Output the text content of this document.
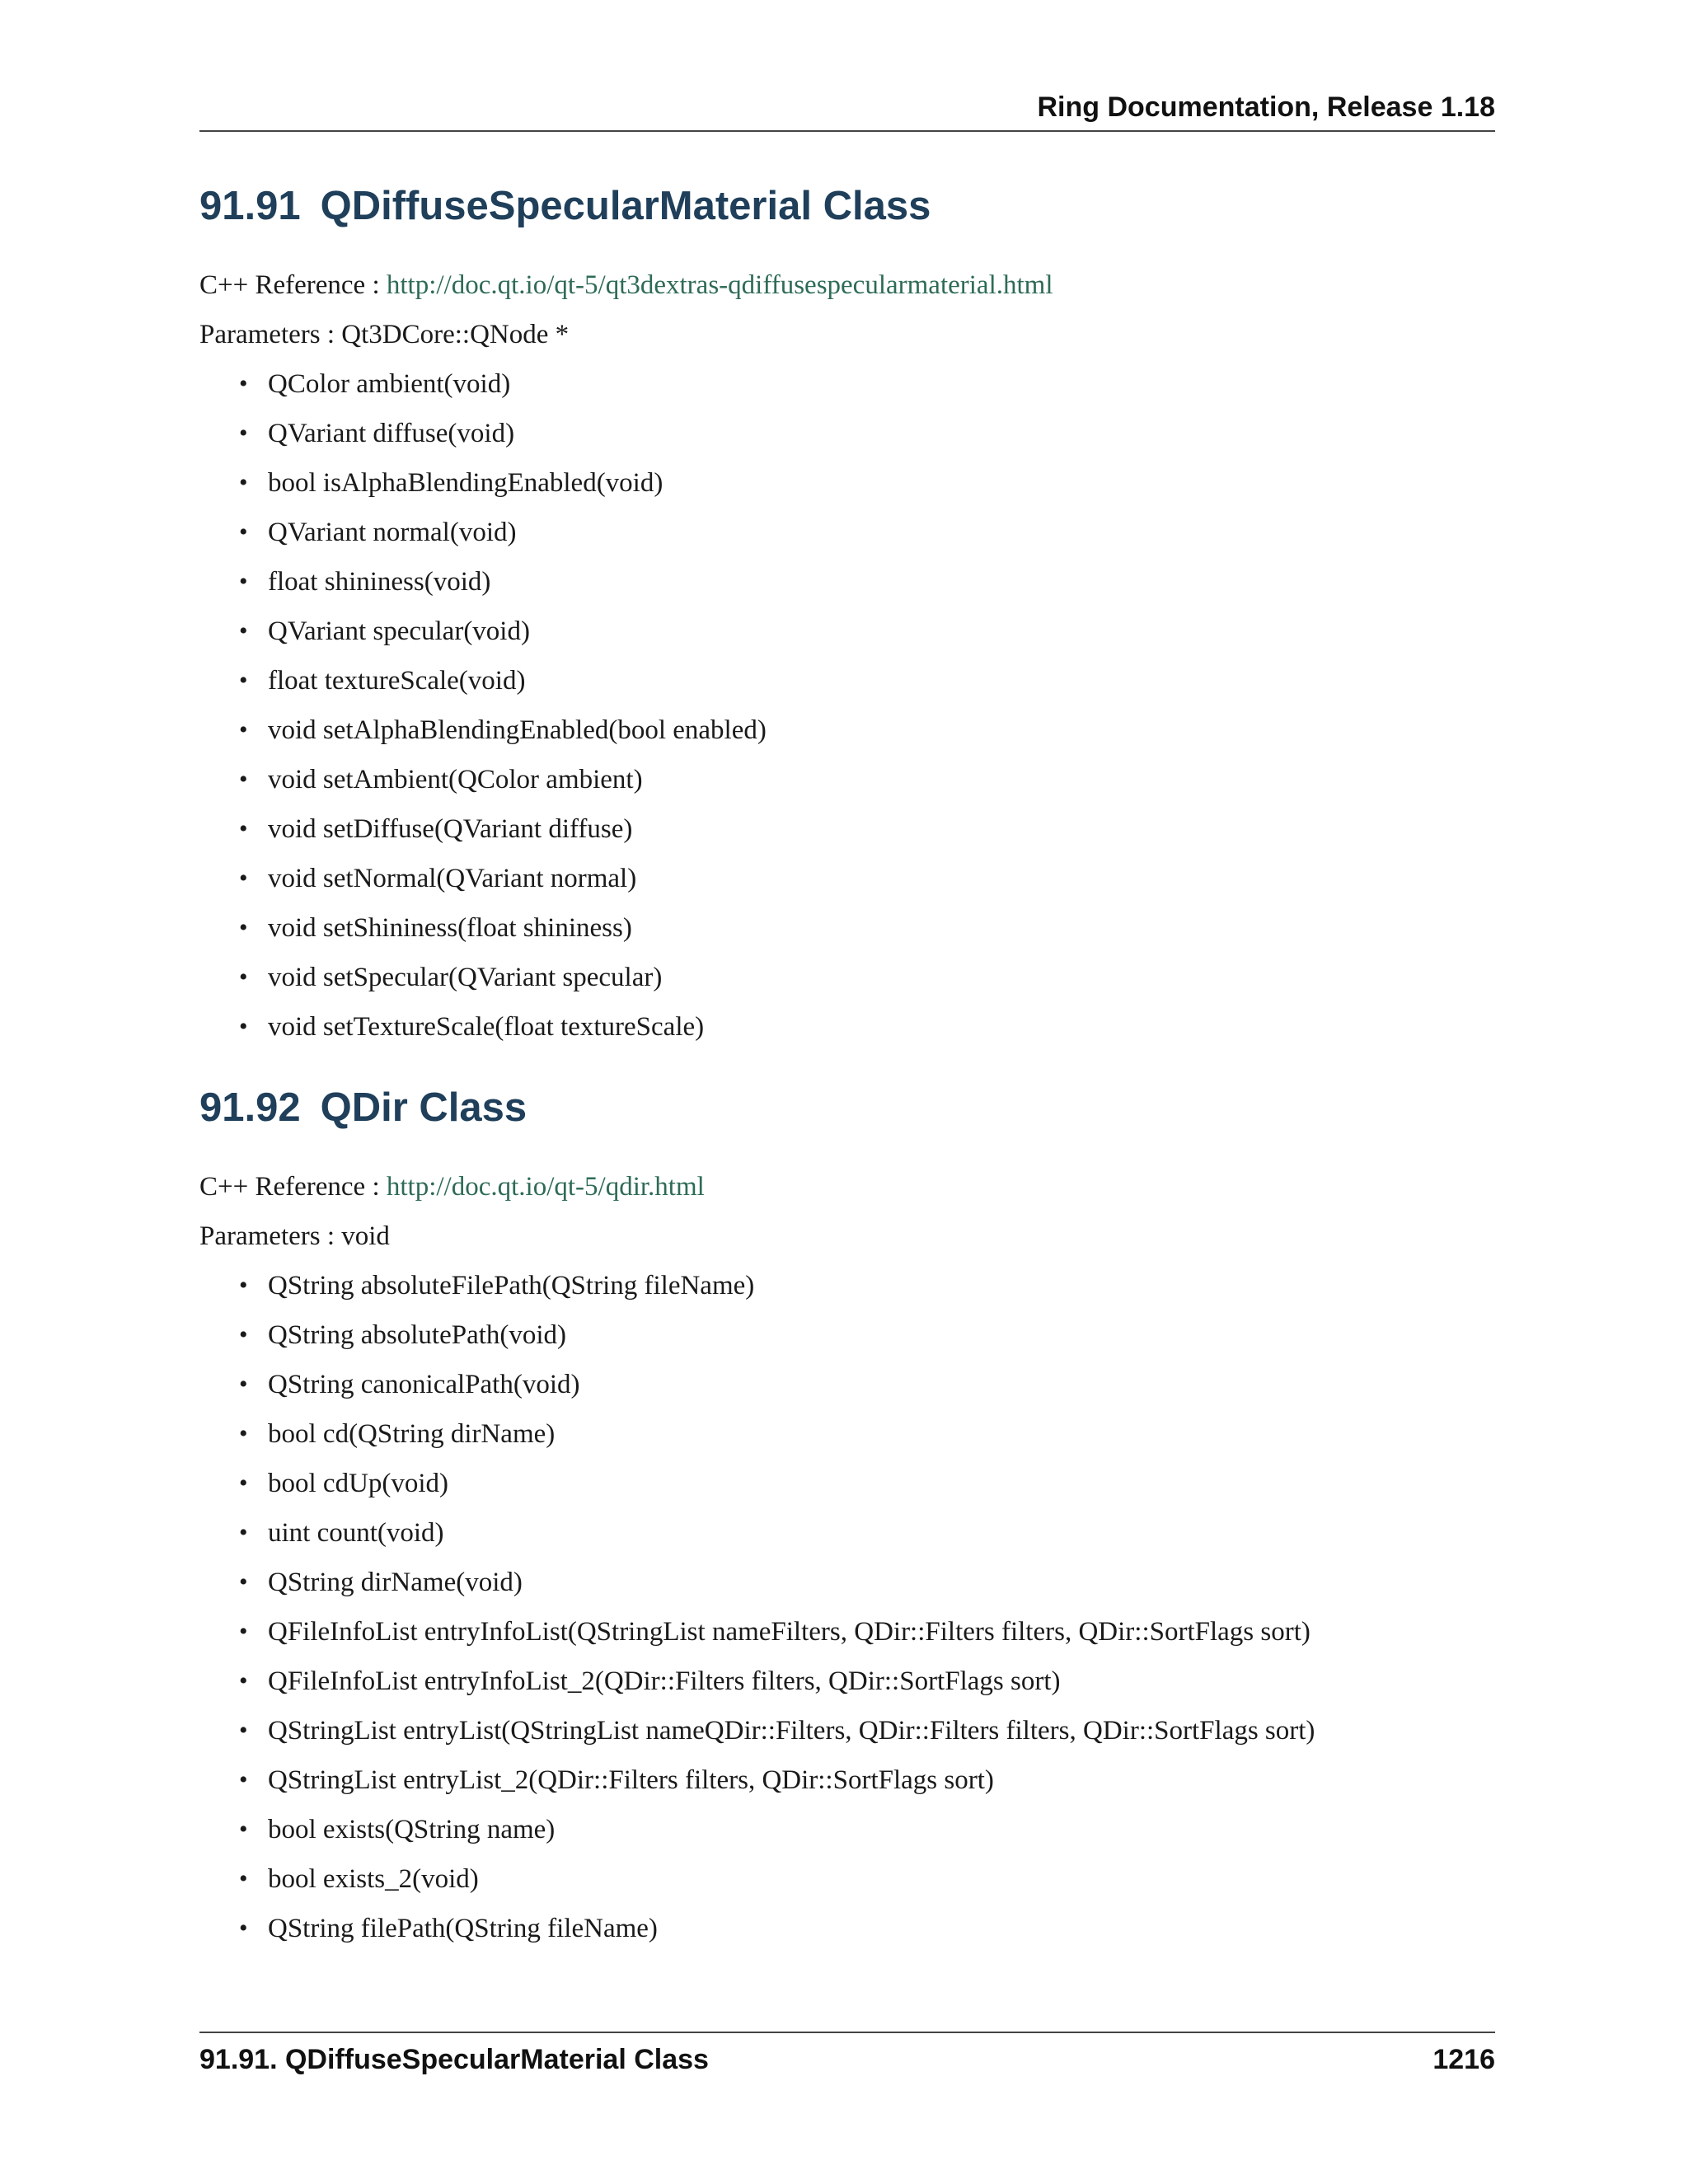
Ring Documentation, Release 1.18
91.91 QDiffuseSpecularMaterial Class

C++ Reference : http://doc.qt.io/qt-5/qt3dextras-qdiffusespecularmaterial.html

Parameters : Qt3DCore::QNode *

• QColor ambient(void)
• QVariant diffuse(void)
• bool isAlphaBlendingEnabled(void)
• QVariant normal(void)
• float shininess(void)
• QVariant specular(void)
• float textureScale(void)
• void setAlphaBlendingEnabled(bool enabled)
• void setAmbient(QColor ambient)
• void setDiffuse(QVariant diffuse)
• void setNormal(QVariant normal)
• void setShininess(float shininess)
• void setSpecular(QVariant specular)
• void setTextureScale(float textureScale)
91.92 QDir Class

C++ Reference : http://doc.qt.io/qt-5/qdir.html

Parameters : void

• QString absoluteFilePath(QString fileName)
• QString absolutePath(void)
• QString canonicalPath(void)
• bool cd(QString dirName)
• bool cdUp(void)
• uint count(void)
• QString dirName(void)
• QFileInfoList entryInfoList(QStringList nameFilters, QDir::Filters filters, QDir::SortFlags sort)
• QFileInfoList entryInfoList_2(QDir::Filters filters, QDir::SortFlags sort)
• QStringList entryList(QStringList nameQDir::Filters, QDir::Filters filters, QDir::SortFlags sort)
• QStringList entryList_2(QDir::Filters filters, QDir::SortFlags sort)
• bool exists(QString name)
• bool exists_2(void)
• QString filePath(QString fileName)
91.91. QDiffuseSpecularMaterial Class	1216
